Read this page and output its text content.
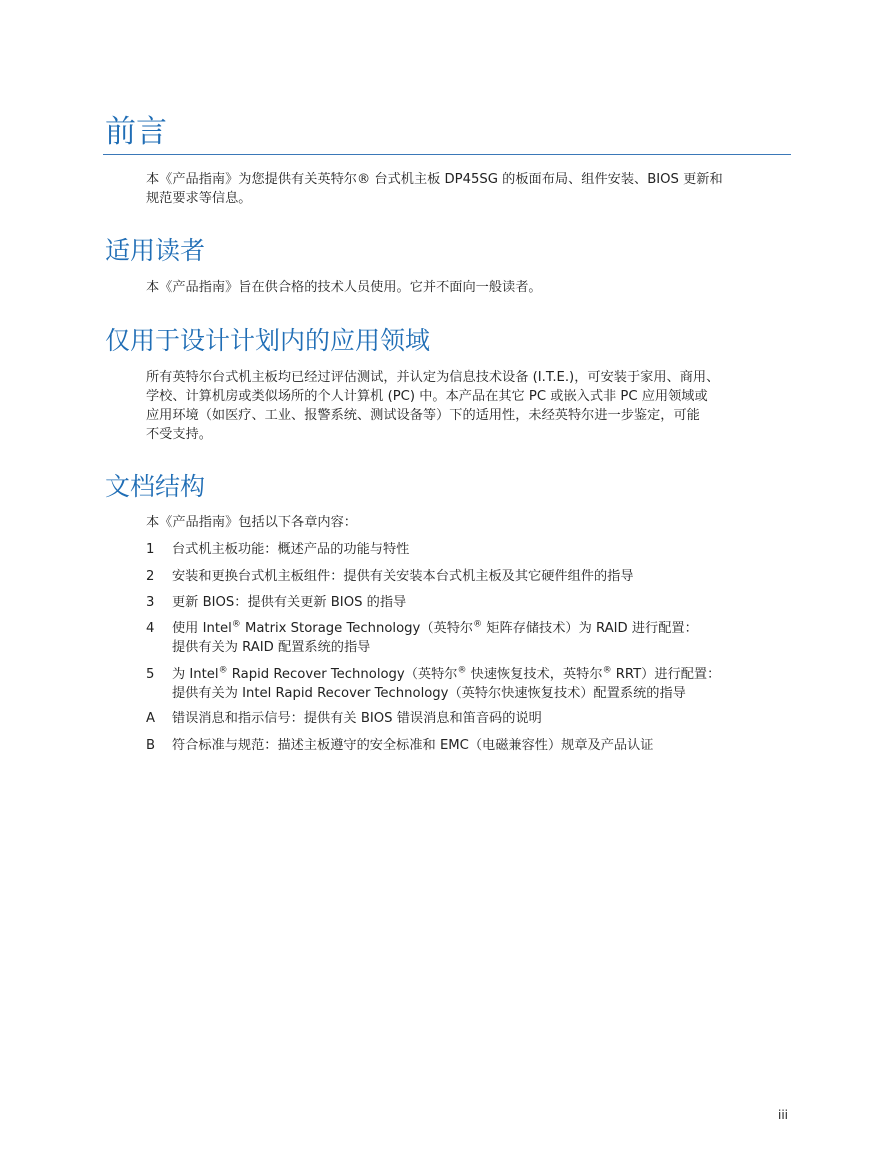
前言

本《产品指南》为您提供有关英特尔® 台式机主板 DP45SG 的板面布局、组件安装、BIOS 更新和
规范要求等信息。

适用读者

本《产品指南》旨在供合格的技术人员使用。它并不面向一般读者。

仅用于设计计划内的应用领域

所有英特尔台式机主板均已经过评估测试，并认定为信息技术设备 (I.T.E.)，可安装于家用、商用、
学校、计算机房或类似场所的个人计算机 (PC) 中。本产品在其它 PC 或嵌入式非 PC 应用领域或
应用环境（如医疗、工业、报警系统、测试设备等）下的适用性，未经英特尔进一步鉴定，可能
不受支持。

文档结构

本《产品指南》包括以下各章内容：

1	台式机主板功能：概述产品的功能与特性
2	安装和更换台式机主板组件：提供有关安装本台式机主板及其它硬件组件的指导
3	更新 BIOS：提供有关更新 BIOS 的指导
4	使用 Intel® Matrix Storage Technology（英特尔® 矩阵存储技术）为 RAID 进行配置：
提供有关为 RAID 配置系统的指导
5	为 Intel® Rapid Recover Technology（英特尔® 快速恢复技术，英特尔® RRT）进行配置：
提供有关为 Intel Rapid Recover Technology（英特尔快速恢复技术）配置系统的指导
A	错误消息和指示信号：提供有关 BIOS 错误消息和笛音码的说明
B	符合标准与规范：描述主板遵守的安全标准和 EMC（电磁兼容性）规章及产品认证
iii
